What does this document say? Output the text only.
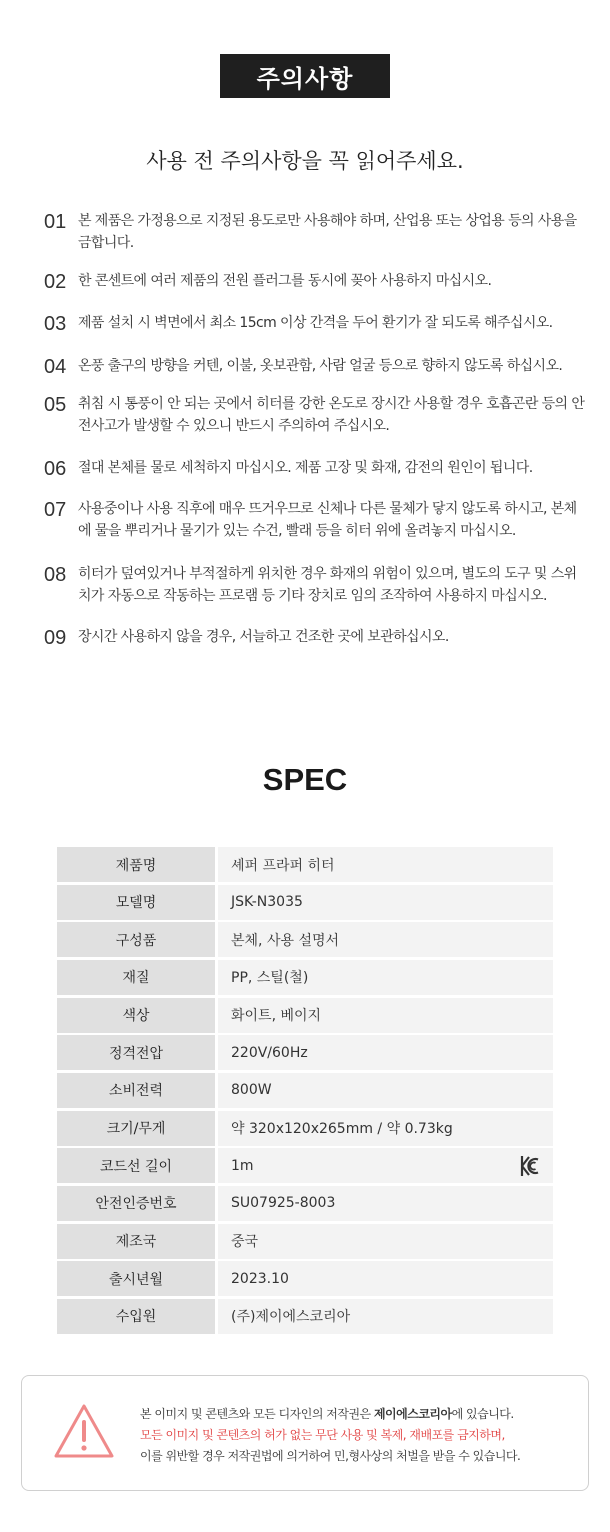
주의사항
사용 전 주의사항을 꼭 읽어주세요.
01 본 제품은 가정용으로 지정된 용도로만 사용해야 하며, 산업용 또는 상업용 등의 사용을 금합니다.
02 한 콘센트에 여러 제품의 전원 플러그를 동시에 꽂아 사용하지 마십시오.
03 제품 설치 시 벽면에서 최소 15cm 이상 간격을 두어 환기가 잘 되도록 해주십시오.
04 온풍 출구의 방향을 커텐, 이불, 옷보관함, 사람 얼굴 등으로 향하지 않도록 하십시오.
05 취침 시 통풍이 안 되는 곳에서 히터를 강한 온도로 장시간 사용할 경우 호흡곤란 등의 안전사고가 발생할 수 있으니 반드시 주의하여 주십시오.
06 절대 본체를 물로 세척하지 마십시오. 제품 고장 및 화재, 감전의 원인이 됩니다.
07 사용중이나 사용 직후에 매우 뜨거우므로 신체나 다른 물체가 닿지 않도록 하시고, 본체에 물을 뿌리거나 물기가 있는 수건, 빨래 등을 히터 위에 올려놓지 마십시오.
08 히터가 덮여있거나 부적절하게 위치한 경우 화재의 위험이 있으며, 별도의 도구 및 스위치가 자동으로 작동하는 프로램 등 기타 장치로 임의 조작하여 사용하지 마십시오.
09 장시간 사용하지 않을 경우, 서늘하고 건조한 곳에 보관하십시오.
SPEC
제품명	셰퍼 프라퍼 히터
모델명	JSK-N3035
구성품	본체, 사용 설명서
재질	PP, 스틸(철)
색상	화이트, 베이지
정격전압	220V/60Hz
소비전력	800W
크기/무게	약 320x120x265mm / 약 0.73kg
코드선 길이	1m
안전인증번호	SU07925-8003
제조국	중국
출시년월	2023.10
수입원	(주)제이에스코리아
본 이미지 및 콘텐츠와 모든 디자인의 저작권은 제이에스코리아에 있습니다.
모든 이미지 및 콘텐츠의 허가 없는 무단 사용 및 복제, 재배포를 금지하며,
이를 위반할 경우 저작권법에 의거하여 민,형사상의 처벌을 받을 수 있습니다.
